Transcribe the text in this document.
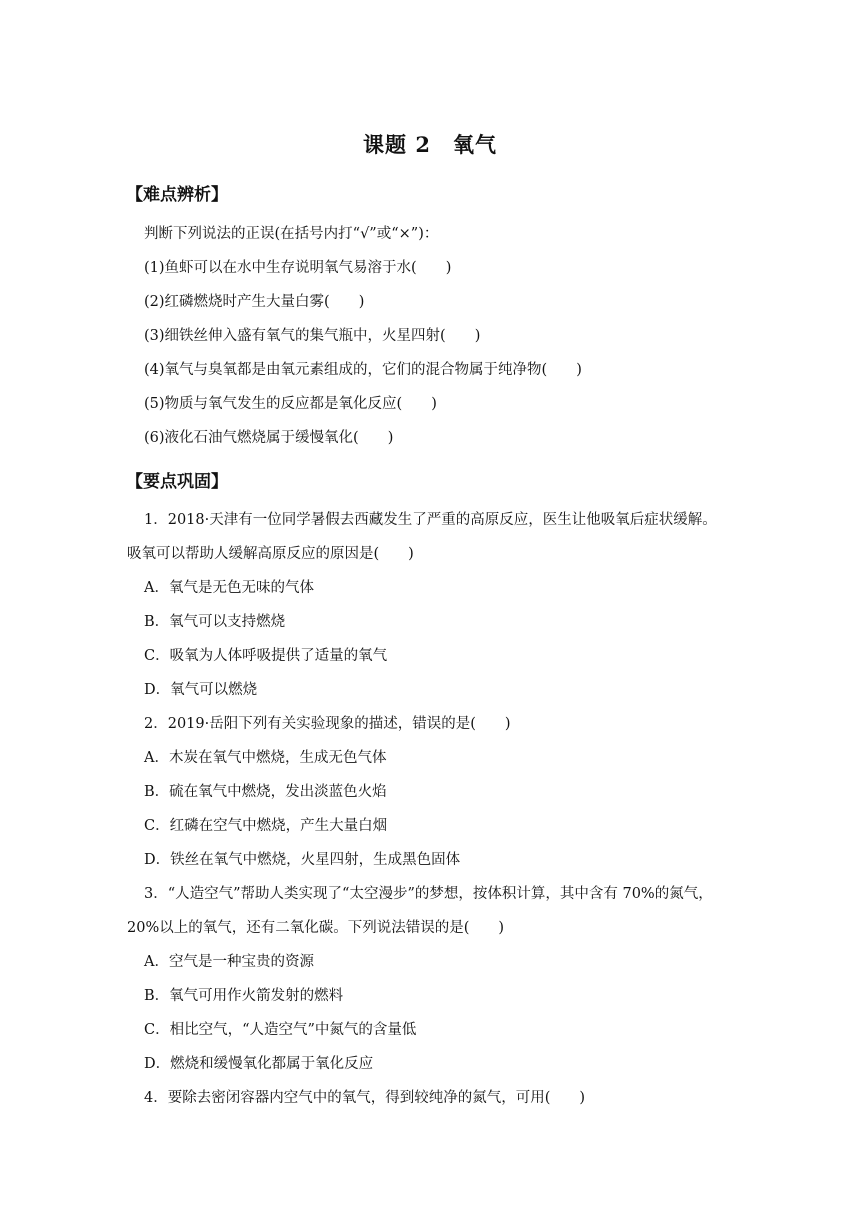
课题 2　氧气
【难点辨析】
判断下列说法的正误(在括号内打“√”或“×”)：
(1)鱼虾可以在水中生存说明氧气易溶于水(　　)
(2)红磷燃烧时产生大量白雾(　　)
(3)细铁丝伸入盛有氧气的集气瓶中，火星四射(　　)
(4)氧气与臭氧都是由氧元素组成的，它们的混合物属于纯净物(　　)
(5)物质与氧气发生的反应都是氧化反应(　　)
(6)液化石油气燃烧属于缓慢氧化(　　)
【要点巩固】
1．2018·天津有一位同学暑假去西藏发生了严重的高原反应，医生让他吸氧后症状缓解。
吸氧可以帮助人缓解高原反应的原因是(　　)
A．氧气是无色无味的气体
B．氧气可以支持燃烧
C．吸氧为人体呼吸提供了适量的氧气
D．氧气可以燃烧
2．2019·岳阳下列有关实验现象的描述，错误的是(　　)
A．木炭在氧气中燃烧，生成无色气体
B．硫在氧气中燃烧，发出淡蓝色火焰
C．红磷在空气中燃烧，产生大量白烟
D．铁丝在氧气中燃烧，火星四射，生成黑色固体
3．“人造空气”帮助人类实现了“太空漫步”的梦想，按体积计算，其中含有 70%的氮气，
20%以上的氧气，还有二氧化碳。下列说法错误的是(　　)
A．空气是一种宝贵的资源
B．氧气可用作火箭发射的燃料
C．相比空气，“人造空气”中氮气的含量低
D．燃烧和缓慢氧化都属于氧化反应
4．要除去密闭容器内空气中的氧气，得到较纯净的氮气，可用(　　)
